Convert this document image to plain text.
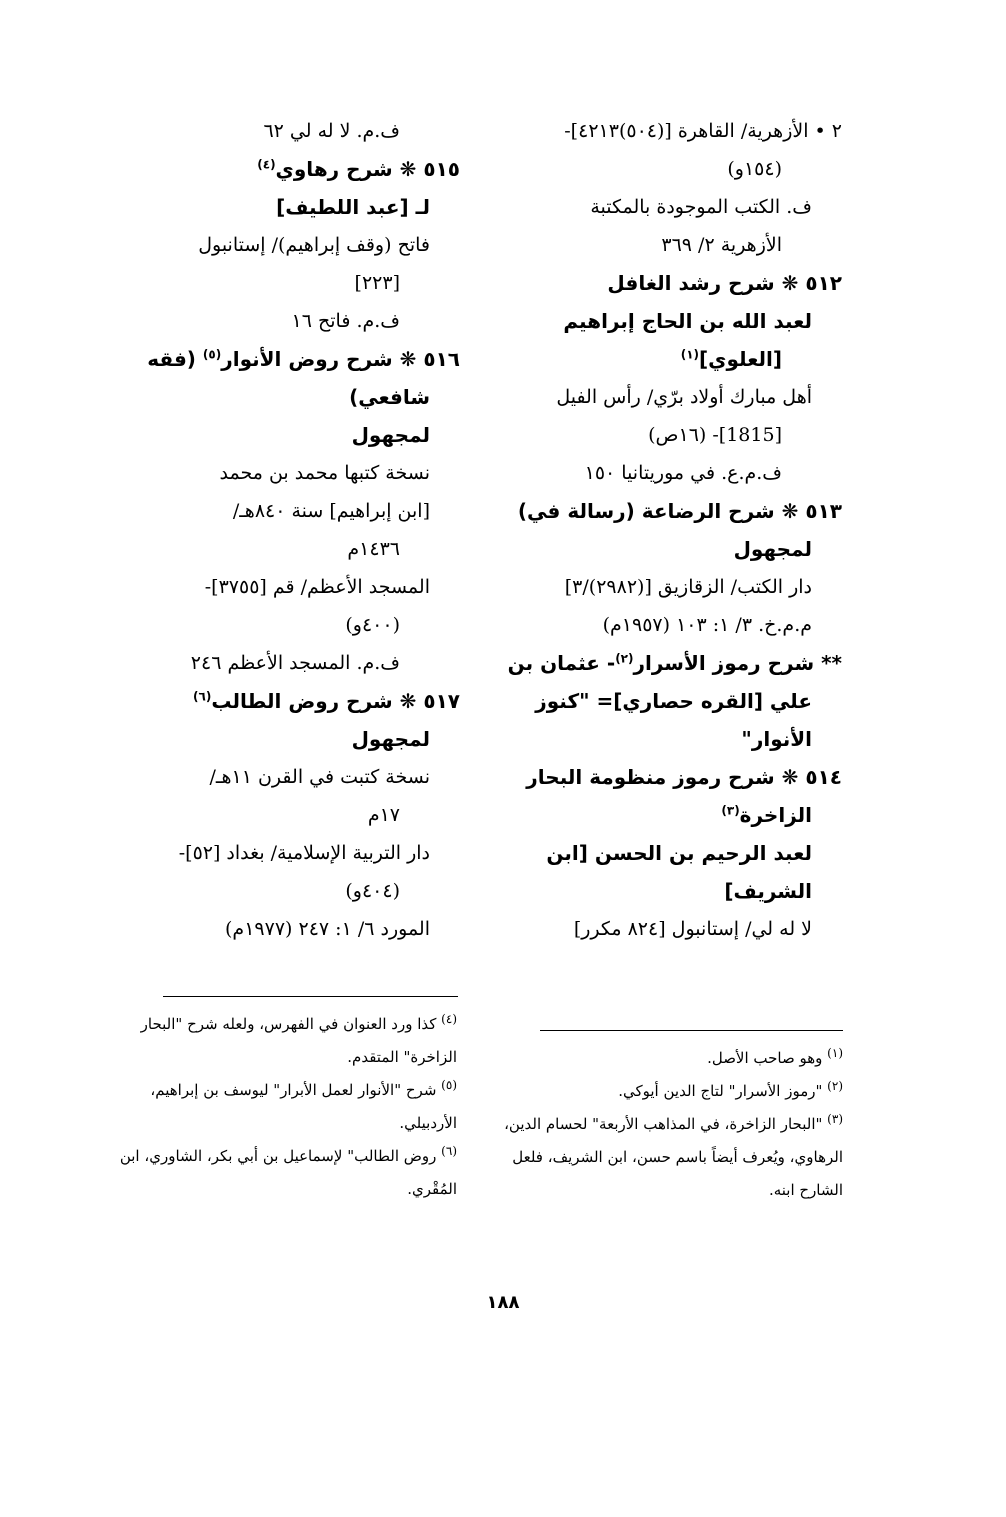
٢ • الأزهرية/ القاهرة [(٥٠٤)٤٢١٣]-
(١٥٤و)
ف. الكتب الموجودة بالمكتبة
الأزهرية ٢/ ٣٦٩
٥١٢ ❋ شرح رشد الغافل
لعبد الله بن الحاج إبراهيم
[العلوي]$^{(١)}$
أهل مبارك أولاد برّي/ رأس الفيل
[1815]- (١٦ص)
ف.م.ع. في موريتانيا ١٥٠
٥١٣ ❋ شرح الرضاعة (رسالة في)
لمجهول
دار الكتب/ الزقازيق [(٢٩٨٢)/٣]
م.م.خ. ٣/ ١: ١٠٣ (١٩٥٧م)
** شرح رموز الأسرار$^{(٢)}$- عثمان بن
علي [القره حصاري]= "كنوز
الأنوار"
٥١٤ ❋ شرح رموز منظومة البحار
الزاخرة$^{(٣)}$
لعبد الرحيم بن الحسن [ابن
الشريف]
لا له لي/ إستانبول [٨٢٤ مكرر]
ف.م. لا له لي ٦٢
٥١٥ ❋ شرح رهاوي$^{(٤)}$
لـ [عبد اللطيف]
فاتح (وقف إبراهيم)/ إستانبول
[٢٢٣]
ف.م. فاتح ١٦
٥١٦ ❋ شرح روض الأنوار$^{(٥)}$ (فقه
شافعي)
لمجهول
نسخة كتبها محمد بن محمد
[ابن إبراهيم] سنة ٨٤٠هـ/
١٤٣٦م
المسجد الأعظم/ قم [٣٧٥٥]-
(٤٠٠و)
ف.م. المسجد الأعظم ٢٤٦
٥١٧ ❋ شرح روض الطالب$^{(٦)}$
لمجهول
نسخة كتبت في القرن ١١هـ/
١٧م
دار التربية الإسلامية/ بغداد [٥٢]-
(٤٠٤و)
المورد ٦/ ١: ٢٤٧ (١٩٧٧م)
$^{(٤)}$ كذا ورد العنوان في الفهرس، ولعله شرح "البحار الزاخرة" المتقدم.
$^{(٥)}$ شرح "الأنوار لعمل الأبرار" ليوسف بن إبراهيم، الأردبيلي.
$^{(٦)}$ روض الطالب" لإسماعيل بن أبي بكر، الشاوري، ابن المُقْري.
$^{(١)}$ وهو صاحب الأصل.
$^{(٢)}$ "رموز الأسرار" لتاج الدين أيوكي.
$^{(٣)}$ "البحار الزاخرة، في المذاهب الأربعة" لحسام الدين، الرهاوي، ويُعرف أيضاً باسم حسن، ابن الشريف، فلعل الشارح ابنه.
١٨٨
